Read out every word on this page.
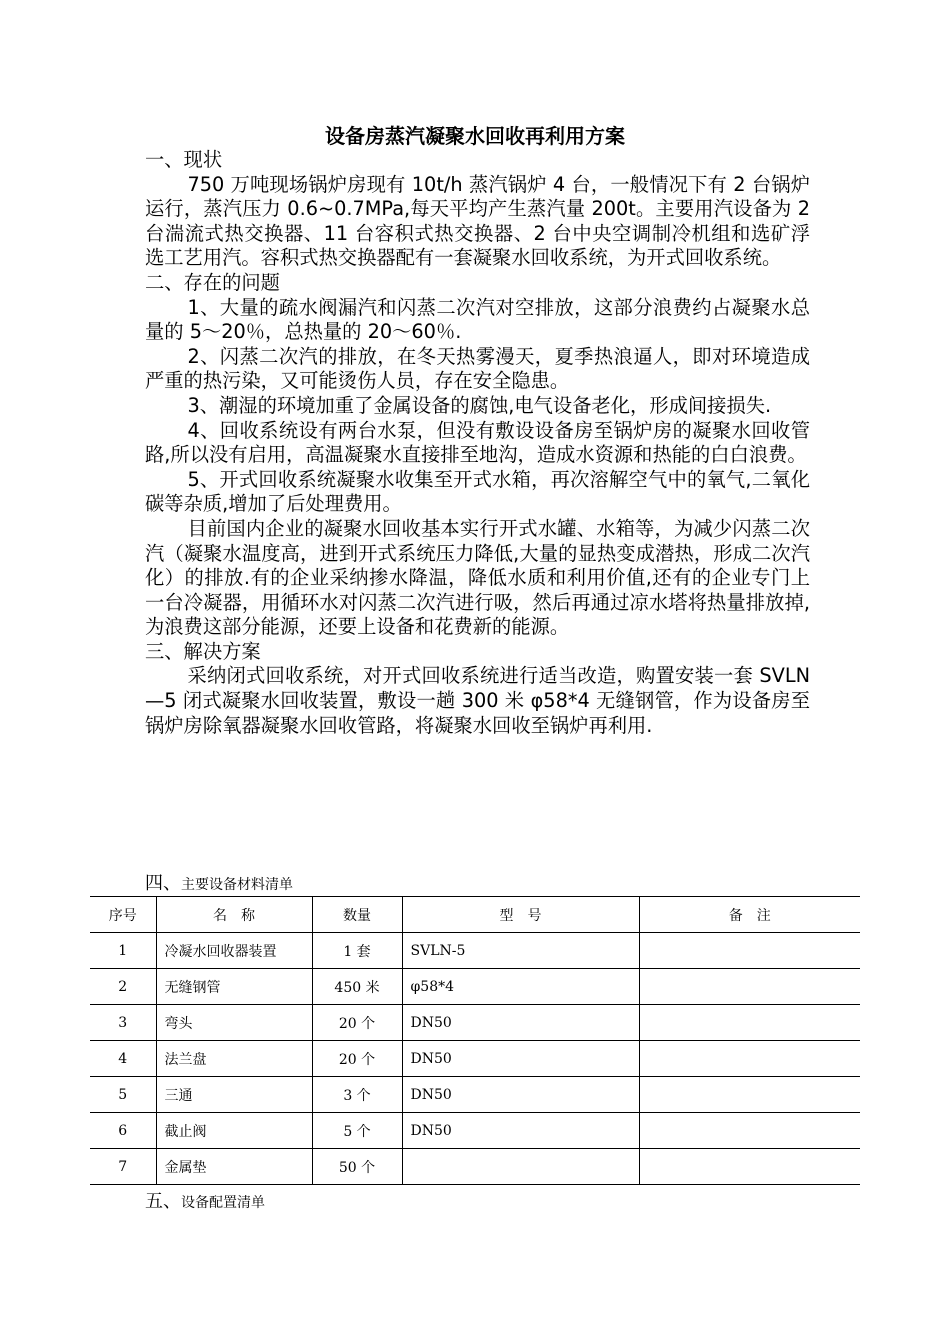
设备房蒸汽凝聚水回收再利用方案

一、现状

750 万吨现场锅炉房现有 10t/h 蒸汽锅炉 4 台，一般情况下有 2 台锅炉运行，蒸汽压力 0.6~0.7MPa,每天平均产生蒸汽量 200t。主要用汽设备为 2 台湍流式热交换器、11 台容积式热交换器、2 台中央空调制冷机组和选矿浮选工艺用汽。容积式热交换器配有一套凝聚水回收系统，为开式回收系统。

二、存在的问题

1、大量的疏水阀漏汽和闪蒸二次汽对空排放，这部分浪费约占凝聚水总量的 5～20％，总热量的 20～60％.

2、闪蒸二次汽的排放，在冬天热雾漫天，夏季热浪逼人，即对环境造成严重的热污染，又可能烫伤人员，存在安全隐患。

3、潮湿的环境加重了金属设备的腐蚀,电气设备老化，形成间接损失.

4、回收系统设有两台水泵，但没有敷设设备房至锅炉房的凝聚水回收管路,所以没有启用，高温凝聚水直接排至地沟，造成水资源和热能的白白浪费。

5、开式回收系统凝聚水收集至开式水箱，再次溶解空气中的氧气,二氧化碳等杂质,增加了后处理费用。

目前国内企业的凝聚水回收基本实行开式水罐、水箱等，为减少闪蒸二次汽（凝聚水温度高，进到开式系统压力降低,大量的显热变成潜热，形成二次汽化）的排放.有的企业采纳掺水降温，降低水质和利用价值,还有的企业专门上一台冷凝器，用循环水对闪蒸二次汽进行吸，然后再通过凉水塔将热量排放掉,为浪费这部分能源，还要上设备和花费新的能源。

三、解决方案

采纳闭式回收系统，对开式回收系统进行适当改造，购置安装一套 SVLN—5 闭式凝聚水回收装置，敷设一趟 300 米 φ58*4 无缝钢管，作为设备房至锅炉房除氧器凝聚水回收管路，将凝聚水回收至锅炉再利用.

四、主要设备材料清单
序号	名　称	数量	型　号	备　注
1	冷凝水回收器装置	1 套	SVLN-5	
2	无缝钢管	450 米	φ58*4	
3	弯头	20 个	DN50	
4	法兰盘	20 个	DN50	
5	三通	3 个	DN50	
6	截止阀	5 个	DN50	
7	金属垫	50 个		
五、设备配置清单
